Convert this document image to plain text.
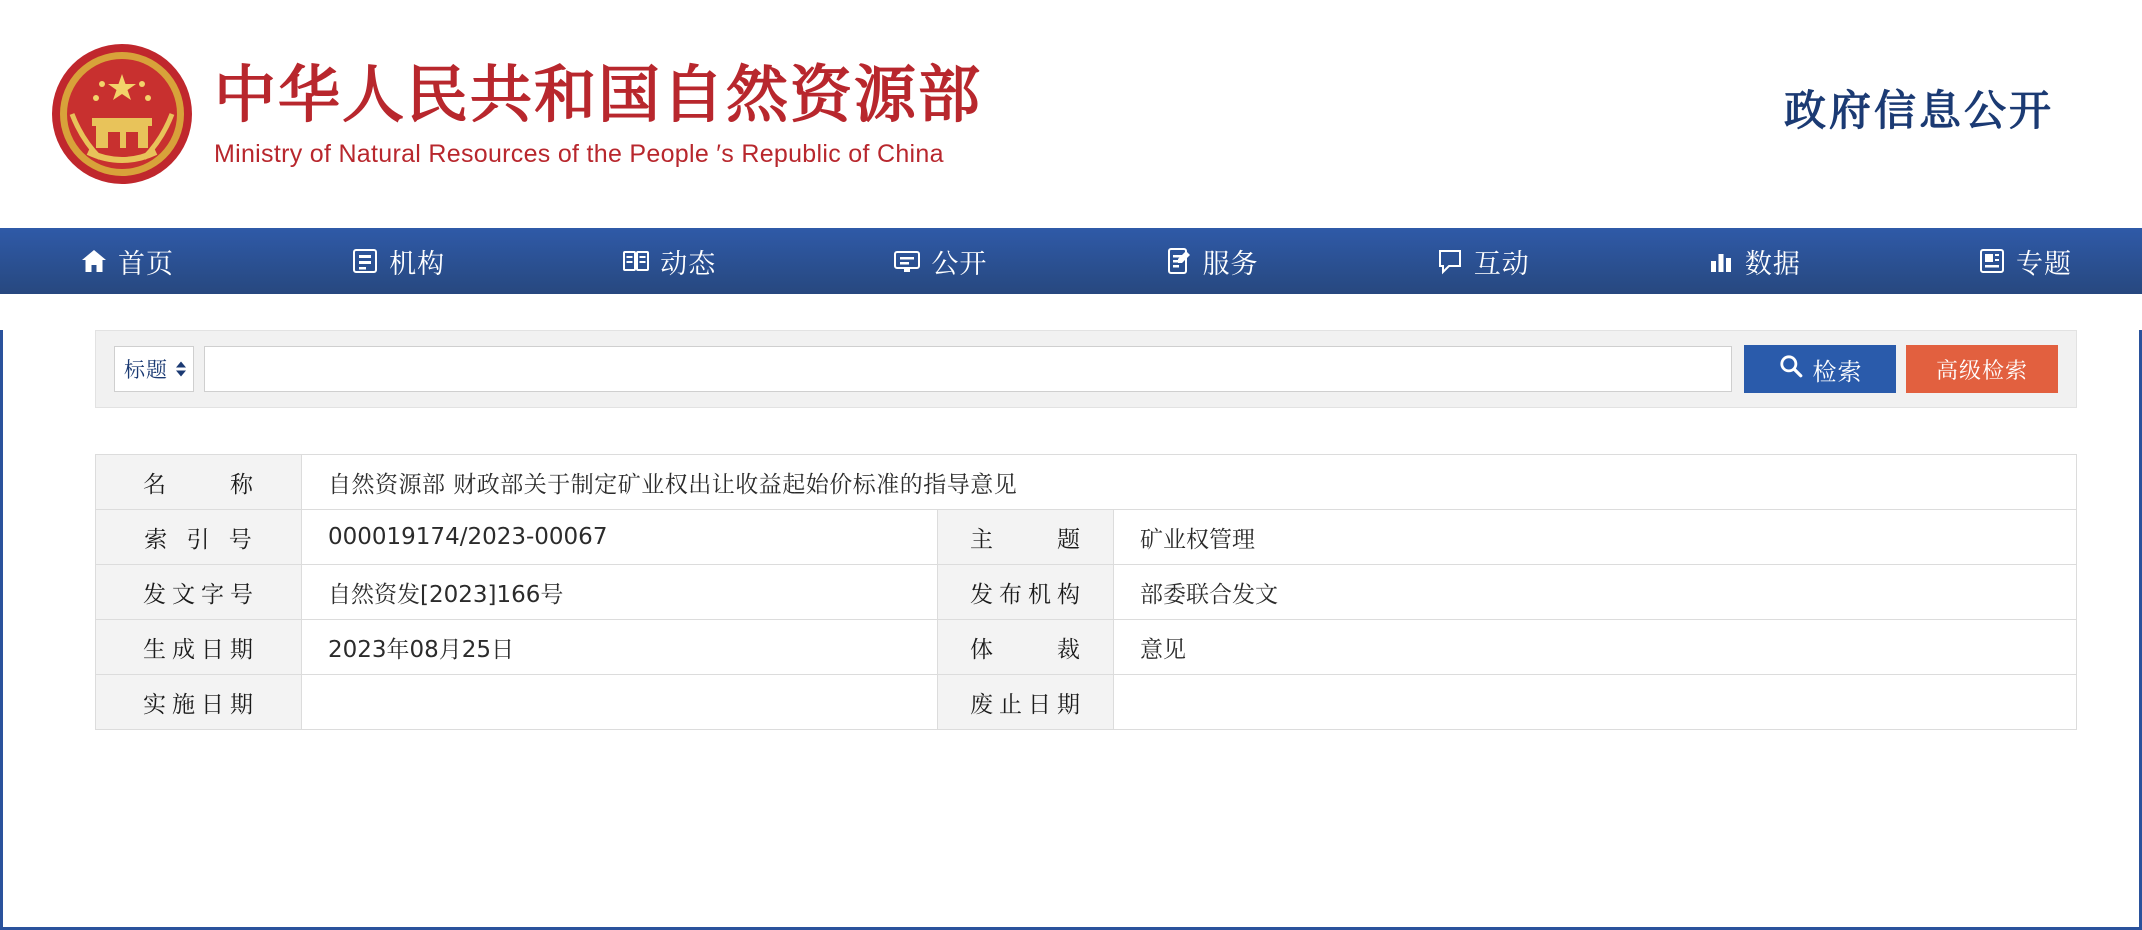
中华人民共和国自然资源部
Ministry of Natural Resources of the People ′s Republic of China
政府信息公开
首页	机构	动态	公开	服务	互动	数据	专题
标题	检索	高级检索
名　　称	自然资源部 财政部关于制定矿业权出让收益起始价标准的指导意见		
索 引 号	000019174/2023-00067	主　　题	矿业权管理
发文字号	自然资发[2023]166号	发布机构	部委联合发文
生成日期	2023年08月25日	体　　裁	意见
实施日期		废止日期	
